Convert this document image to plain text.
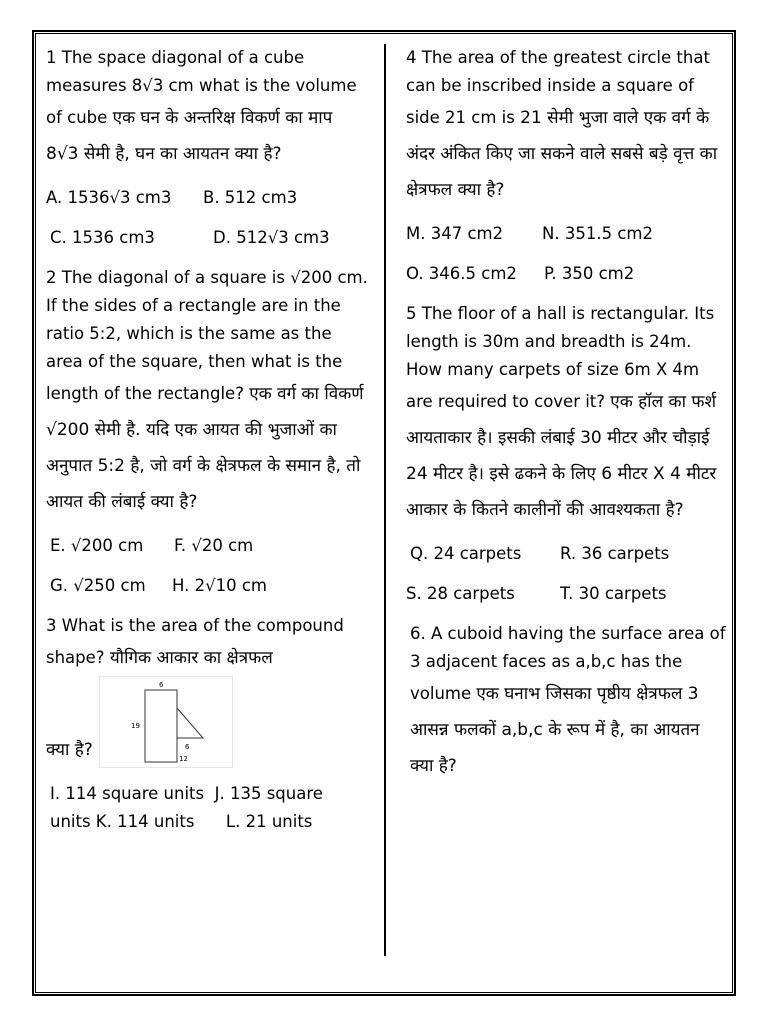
1 The space diagonal of a cube measures 8√3 cm what is the volume of cube एक घन के अन्तरिक्ष विकर्ण का माप 8√3 सेमी है, घन का आयतन क्या है?
A. 1536√3 cm3	B. 512 cm3
C. 1536 cm3	D. 512√3 cm3
2 The diagonal of a square is √200 cm. If the sides of a rectangle are in the ratio 5:2, which is the same as the area of the square, then what is the length of the rectangle? एक वर्ग का विकर्ण √200 सेमी है. यदि एक आयत की भुजाओं का अनुपात 5:2 है, जो वर्ग के क्षेत्रफल के समान है, तो आयत की लंबाई क्या है?
E. √200 cm	F. √20 cm
G. √250 cm	H. 2√10 cm
3 What is the area of the compound shape? यौगिक आकार का क्षेत्रफल
क्या है?
6
19
6
12
I. 114 square units  J. 135 square units K. 114 units      L. 21 units
4 The area of the greatest circle that can be inscribed inside a square of side 21 cm is 21 सेमी भुजा वाले एक वर्ग के अंदर अंकित किए जा सकने वाले सबसे बड़े वृत्त का क्षेत्रफल क्या है?
M. 347 cm2	N. 351.5 cm2
O. 346.5 cm2	P. 350 cm2
5 The floor of a hall is rectangular. Its length is 30m and breadth is 24m. How many carpets of size 6m X 4m are required to cover it? एक हॉल का फर्श आयताकार है। इसकी लंबाई 30 मीटर और चौड़ाई 24 मीटर है। इसे ढकने के लिए 6 मीटर X 4 मीटर आकार के कितने कालीनों की आवश्यकता है?
Q. 24 carpets	R. 36 carpets
S. 28 carpets	T. 30 carpets
6. A cuboid having the surface area of 3 adjacent faces as a,b,c has the volume एक घनाभ जिसका पृष्ठीय क्षेत्रफल 3 आसन्न फलकों a,b,c के रूप में है, का आयतन क्या है?
